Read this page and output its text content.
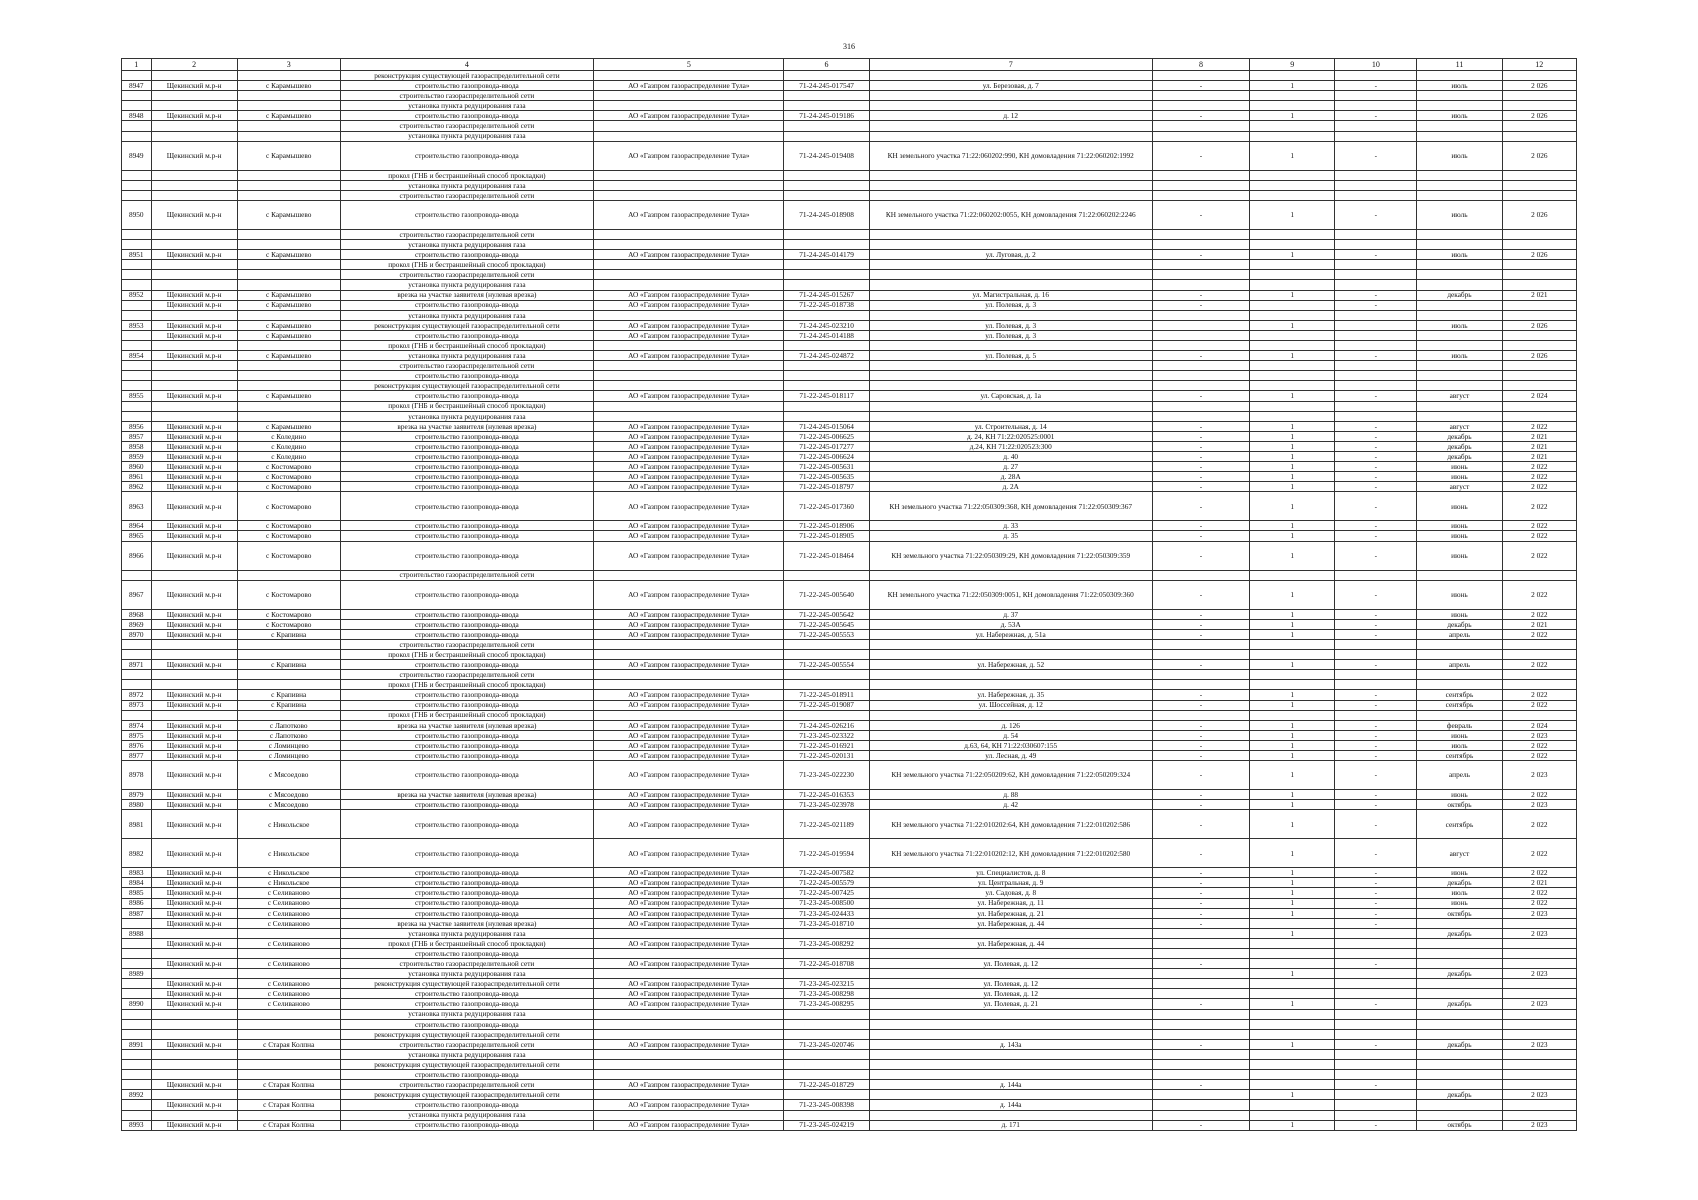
316
1	2	3	4	5	6	7	8	9	10	11	12
			реконструкция существующей газораспределительной сети								
8947	Щекинский м.р-н	с Карамышево	строительство газопровода-ввода	АО «Газпром газораспределение Тула»	71-24-245-017547	ул. Березовая, д. 7	-	1	-	июль	2 026
			строительство газораспределительной сети								
			установка пункта редуцирования газа								
8948	Щекинский м.р-н	с Карамышево	строительство газопровода-ввода	АО «Газпром газораспределение Тула»	71-24-245-019186	д. 12	-	1	-	июль	2 026
			строительство газораспределительной сети								
			установка пункта редуцирования газа								
8949	Щекинский м.р-н	с Карамышево	строительство газопровода-ввода	АО «Газпром газораспределение Тула»	71-24-245-019408	КН земельного участка 71:22:060202:990, КН домовладения 71:22:060202:1992	-	1	-	июль	2 026
			прокол (ГНБ и бестраншейный способ прокладки)								
			установка пункта редуцирования газа								
			строительство газораспределительной сети								
8950	Щекинский м.р-н	с Карамышево	строительство газопровода-ввода	АО «Газпром газораспределение Тула»	71-24-245-018908	КН земельного участка 71:22:060202:0055, КН домовладения 71:22:060202:2246	-	1	-	июль	2 026
			строительство газораспределительной сети								
			установка пункта редуцирования газа								
8951	Щекинский м.р-н	с Карамышево	строительство газопровода-ввода	АО «Газпром газораспределение Тула»	71-24-245-014179	ул. Луговая, д. 2	-	1	-	июль	2 026
			прокол (ГНБ и бестраншейный способ прокладки)								
			строительство газораспределительной сети								
			установка пункта редуцирования газа								
8952	Щекинский м.р-н	с Карамышево	врезка на участке заявителя (нулевая врезка)	АО «Газпром газораспределение Тула»	71-24-245-015267	ул. Магистральная, д. 16	-	1	-	декабрь	2 021
	Щекинский м.р-н	с Карамышево	строительство газопровода-ввода	АО «Газпром газораспределение Тула»	71-22-245-018738	ул. Полевая, д. 3	-		-		
			установка пункта редуцирования газа								
8953	Щекинский м.р-н	с Карамышево	реконструкция существующей газораспределительной сети	АО «Газпром газораспределение Тула»	71-24-245-023210	ул. Полевая, д. 3		1		июль	2 026
	Щекинский м.р-н	с Карамышево	строительство газопровода-ввода	АО «Газпром газораспределение Тула»	71-24-245-014188	ул. Полевая, д. 3					
			прокол (ГНБ и бестраншейный способ прокладки)								
8954	Щекинский м.р-н	с Карамышево	установка пункта редуцирования газа	АО «Газпром газораспределение Тула»	71-24-245-024872	ул. Полевая, д. 5	-	1	-	июль	2 026
			строительство газораспределительной сети								
			строительство газопровода-ввода								
			реконструкция существующей газораспределительной сети								
8955	Щекинский м.р-н	с Карамышево	строительство газопровода-ввода	АО «Газпром газораспределение Тула»	71-22-245-018117	ул. Саровская, д. 1а	-	1	-	август	2 024
			прокол (ГНБ и бестраншейный способ прокладки)								
			установка пункта редуцирования газа								
8956	Щекинский м.р-н	с Карамышево	врезка на участке заявителя (нулевая врезка)	АО «Газпром газораспределение Тула»	71-24-245-015064	ул. Строительная, д. 14	-	1	-	август	2 022
8957	Щекинский м.р-н	с Коледино	строительство газопровода-ввода	АО «Газпром газораспределение Тула»	71-22-245-006625	д. 24, КН 71:22:020525:0001	-	1	-	декабрь	2 021
8958	Щекинский м.р-н	с Коледино	строительство газопровода-ввода	АО «Газпром газораспределение Тула»	71-22-245-017277	д.24, КН 71:22:020523:300	-	1	-	декабрь	2 021
8959	Щекинский м.р-н	с Коледино	строительство газопровода-ввода	АО «Газпром газораспределение Тула»	71-22-245-006624	д. 40	-	1	-	декабрь	2 021
8960	Щекинский м.р-н	с Костомарово	строительство газопровода-ввода	АО «Газпром газораспределение Тула»	71-22-245-005631	д. 27	-	1	-	июнь	2 022
8961	Щекинский м.р-н	с Костомарово	строительство газопровода-ввода	АО «Газпром газораспределение Тула»	71-22-245-005635	д. 28А	-	1	-	июнь	2 022
8962	Щекинский м.р-н	с Костомарово	строительство газопровода-ввода	АО «Газпром газораспределение Тула»	71-22-245-018797	д. 2А	-	1	-	август	2 022
8963	Щекинский м.р-н	с Костомарово	строительство газопровода-ввода	АО «Газпром газораспределение Тула»	71-22-245-017360	КН земельного участка 71:22:050309:368, КН домовладения 71:22:050309:367	-	1	-	июнь	2 022
8964	Щекинский м.р-н	с Костомарово	строительство газопровода-ввода	АО «Газпром газораспределение Тула»	71-22-245-018906	д. 33	-	1	-	июнь	2 022
8965	Щекинский м.р-н	с Костомарово	строительство газопровода-ввода	АО «Газпром газораспределение Тула»	71-22-245-018905	д. 35	-	1	-	июнь	2 022
8966	Щекинский м.р-н	с Костомарово	строительство газопровода-ввода	АО «Газпром газораспределение Тула»	71-22-245-018464	КН земельного участка 71:22:050309:29, КН домовладения 71:22:050309:359	-	1	-	июнь	2 022
			строительство газораспределительной сети								
8967	Щекинский м.р-н	с Костомарово	строительство газопровода-ввода	АО «Газпром газораспределение Тула»	71-22-245-005640	КН земельного участка 71:22:050309:0051, КН домовладения 71:22:050309:360	-	1	-	июнь	2 022
8968	Щекинский м.р-н	с Костомарово	строительство газопровода-ввода	АО «Газпром газораспределение Тула»	71-22-245-005642	д. 37	-	1	-	июнь	2 022
8969	Щекинский м.р-н	с Костомарово	строительство газопровода-ввода	АО «Газпром газораспределение Тула»	71-22-245-005645	д. 53А	-	1	-	декабрь	2 021
8970	Щекинский м.р-н	с Крапивна	строительство газопровода-ввода	АО «Газпром газораспределение Тула»	71-22-245-005553	ул. Набережная, д. 51а	-	1	-	апрель	2 022
			строительство газораспределительной сети								
			прокол (ГНБ и бестраншейный способ прокладки)								
8971	Щекинский м.р-н	с Крапивна	строительство газопровода-ввода	АО «Газпром газораспределение Тула»	71-22-245-005554	ул. Набережная, д. 52	-	1	-	апрель	2 022
			строительство газораспределительной сети								
			прокол (ГНБ и бестраншейный способ прокладки)								
8972	Щекинский м.р-н	с Крапивна	строительство газопровода-ввода	АО «Газпром газораспределение Тула»	71-22-245-018911	ул. Набережная, д. 35	-	1	-	сентябрь	2 022
8973	Щекинский м.р-н	с Крапивна	строительство газопровода-ввода	АО «Газпром газораспределение Тула»	71-22-245-019087	ул. Шоссейная, д. 12	-	1	-	сентябрь	2 022
			прокол (ГНБ и бестраншейный способ прокладки)								
8974	Щекинский м.р-н	с Лапотково	врезка на участке заявителя (нулевая врезка)	АО «Газпром газораспределение Тула»	71-24-245-026216	д. 126	-	1	-	февраль	2 024
8975	Щекинский м.р-н	с Лапотково	строительство газопровода-ввода	АО «Газпром газораспределение Тула»	71-23-245-023322	д. 54	-	1	-	июнь	2 023
8976	Щекинский м.р-н	с Ломинцево	строительство газопровода-ввода	АО «Газпром газораспределение Тула»	71-22-245-016921	д.63, 64, КН 71:22:030607:155	-	1	-	июль	2 022
8977	Щекинский м.р-н	с Ломинцево	строительство газопровода-ввода	АО «Газпром газораспределение Тула»	71-22-245-020131	ул. Лесная, д. 49	-	1	-	сентябрь	2 022
8978	Щекинский м.р-н	с Мясоедово	строительство газопровода-ввода	АО «Газпром газораспределение Тула»	71-23-245-022230	КН земельного участка 71:22:050209:62, КН домовладения 71:22:050209:324	-	1	-	апрель	2 023
8979	Щекинский м.р-н	с Мясоедово	врезка на участке заявителя (нулевая врезка)	АО «Газпром газораспределение Тула»	71-22-245-016353	д. 88	-	1	-	июнь	2 022
8980	Щекинский м.р-н	с Мясоедово	строительство газопровода-ввода	АО «Газпром газораспределение Тула»	71-23-245-023978	д. 42	-	1	-	октябрь	2 023
8981	Щекинский м.р-н	с Никольское	строительство газопровода-ввода	АО «Газпром газораспределение Тула»	71-22-245-021189	КН земельного участка 71:22:010202:64, КН домовладения 71:22:010202:586	-	1	-	сентябрь	2 022
8982	Щекинский м.р-н	с Никольское	строительство газопровода-ввода	АО «Газпром газораспределение Тула»	71-22-245-019594	КН земельного участка 71:22:010202:12, КН домовладения 71:22:010202:580	-	1	-	август	2 022
8983	Щекинский м.р-н	с Никольское	строительство газопровода-ввода	АО «Газпром газораспределение Тула»	71-22-245-007582	ул. Специалистов, д. 8	-	1	-	июнь	2 022
8984	Щекинский м.р-н	с Никольское	строительство газопровода-ввода	АО «Газпром газораспределение Тула»	71-22-245-005579	ул. Центральная, д. 9	-	1	-	декабрь	2 021
8985	Щекинский м.р-н	с Селиваново	строительство газопровода-ввода	АО «Газпром газораспределение Тула»	71-22-245-007425	ул. Садовая, д. 8	-	1	-	июль	2 022
8986	Щекинский м.р-н	с Селиваново	строительство газопровода-ввода	АО «Газпром газораспределение Тула»	71-23-245-008500	ул. Набережная, д. 11	-	1	-	июнь	2 022
8987	Щекинский м.р-н	с Селиваново	строительство газопровода-ввода	АО «Газпром газораспределение Тула»	71-23-245-024433	ул. Набережная, д. 21	-	1	-	октябрь	2 023
	Щекинский м.р-н	с Селиваново	врезка на участке заявителя (нулевая врезка)	АО «Газпром газораспределение Тула»	71-23-245-018710	ул. Набережная, д. 44	-		-		
8988			установка пункта редуцирования газа					1		декабрь	2 023
	Щекинский м.р-н	с Селиваново	прокол (ГНБ и бестраншейный способ прокладки)	АО «Газпром газораспределение Тула»	71-23-245-008292	ул. Набережная, д. 44					
			строительство газопровода-ввода								
	Щекинский м.р-н	с Селиваново	строительство газораспределительной сети	АО «Газпром газораспределение Тула»	71-22-245-018708	ул. Полевая, д. 12	-		-		
8989			установка пункта редуцирования газа					1		декабрь	2 023
	Щекинский м.р-н	с Селиваново	реконструкция существующей газораспределительной сети	АО «Газпром газораспределение Тула»	71-23-245-023215	ул. Полевая, д. 12					
	Щекинский м.р-н	с Селиваново	строительство газопровода-ввода	АО «Газпром газораспределение Тула»	71-23-245-008298	ул. Полевая, д. 12					
8990	Щекинский м.р-н	с Селиваново	строительство газопровода-ввода	АО «Газпром газораспределение Тула»	71-23-245-008295	ул. Полевая, д. 21	-	1	-	декабрь	2 023
			установка пункта редуцирования газа								
			строительство газопровода-ввода								
			реконструкция существующей газораспределительной сети								
8991	Щекинский м.р-н	с Старая Колпна	строительство газораспределительной сети	АО «Газпром газораспределение Тула»	71-23-245-020746	д. 143а	-	1	-	декабрь	2 023
			установка пункта редуцирования газа								
			реконструкция существующей газораспределительной сети								
			строительство газопровода-ввода								
	Щекинский м.р-н	с Старая Колпна	строительство газораспределительной сети	АО «Газпром газораспределение Тула»	71-22-245-018729	д. 144а	-		-		
8992			реконструкция существующей газораспределительной сети					1		декабрь	2 023
	Щекинский м.р-н	с Старая Колпна	строительство газопровода-ввода	АО «Газпром газораспределение Тула»	71-23-245-008398	д. 144а					
			установка пункта редуцирования газа								
8993	Щекинский м.р-н	с Старая Колпна	строительство газопровода-ввода	АО «Газпром газораспределение Тула»	71-23-245-024219	д. 171	-	1	-	октябрь	2 023
